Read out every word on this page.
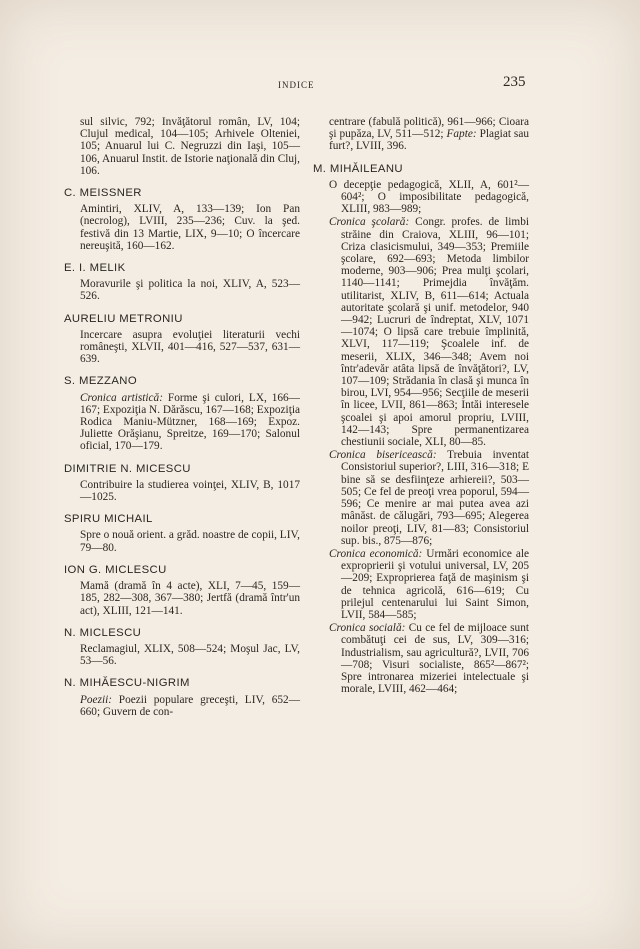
INDICE	235
sul silvic, 792; Invăţătorul român, LV, 104; Clujul medical, 104—105; Arhivele Olteniei, 105; Anuarul lui C. Negruzzi din Iaşi, 105—106, Anuarul Instit. de Istorie naţională din Cluj, 106.
C. MEISSNER
Amintiri, XLIV, A, 133—139; Ion Pan (necrolog), LVIII, 235—236; Cuv. la şed. festivă din 13 Martie, LIX, 9—10; O încercare nereuşită, 160—162.
E. I. MELIK
Moravurile şi politica la noi, XLIV, A, 523—526.
AURELIU METRONIU
Incercare asupra evoluţiei literaturii vechi româneşti, XLVII, 401—416, 527—537, 631—639.
S. MEZZANO
Cronica artistică: Forme şi culori, LX, 166—167; Expoziţia N. Dărăscu, 167—168; Expoziţia Rodica Maniu-Mützner, 168—169; Expoz. Juliette Orăşianu, Spreitze, 169—170; Salonul oficial, 170—179.
DIMITRIE N. MICESCU
Contribuire la studierea voinţei, XLIV, B, 1017—1025.
SPIRU MICHAIL
Spre o nouă orient. a grăd. noastre de copii, LIV, 79—80.
ION G. MICLESCU
Mamă (dramă în 4 acte), XLI, 7—45, 159—185, 282—308, 367—380; Jertfă (dramă într'un act), XLIII, 121—141.
N. MICLESCU
Reclamagiul, XLIX, 508—524; Moşul Jac, LV, 53—56.
N. MIHĂESCU-NIGRIM
Poezii: Poezii populare greceşti, LIV, 652—660; Guvern de con-
centrare (fabulă politică), 961—966; Cioara şi pupăza, LV, 511—512; Fapte: Plagiat sau furt?, LVIII, 396.
M. MIHĂILEANU

O decepţie pedagogică, XLII, A, 601²—604²; O imposibilitate pedagogică, XLIII, 983—989;

Cronica şcolară: Congr. profes. de limbi străine din Craiova, XLIII, 96—101; Criza clasicismului, 349—353; Premiile şcolare, 692—693; Metoda limbilor moderne, 903—906; Prea mulţi şcolari, 1140—1141; Primejdia învăţăm. utilitarist, XLIV, B, 611—614; Actuala autoritate şcolară şi unif. metodelor, 940—942; Lucruri de îndreptat, XLV, 1071—1074; O lipsă care trebuie împlinită, XLVI, 117—119; Şcoalele inf. de meserii, XLIX, 346—348; Avem noi într'adevăr atâta lipsă de învăţători?, LV, 107—109; Strădania în clasă şi munca în birou, LVI, 954—956; Secţiile de meserii în licee, LVII, 861—863; Intăi interesele şcoalei şi apoi amorul propriu, LVIII, 142—143; Spre permanentizarea chestiunii sociale, XLI, 80—85.

Cronica bisericească: Trebuia inventat Consistoriul superior?, LIII, 316—318; E bine să se desfiinţeze arhiereii?, 503—505; Ce fel de preoţi vrea poporul, 594—596; Ce menire ar mai putea avea azi mânăst. de călugări, 793—695; Alegerea noilor preoţi, LIV, 81—83; Consistoriul sup. bis., 875—876;

Cronica economică: Urmări economice ale exproprierii şi votului universal, LV, 205—209; Exproprierea faţă de maşinism şi de tehnica agricolă, 616—619; Cu prilejul centenarului lui Saint Simon, LVII, 584—585;

Cronica socială: Cu ce fel de mijloace sunt combătuţi cei de sus, LV, 309—316; Industrialism, sau agricultură?, LVII, 706—708; Visuri socialiste, 865²—867²; Spre intronarea mizeriei intelectuale şi morale, LVIII, 462—464;
